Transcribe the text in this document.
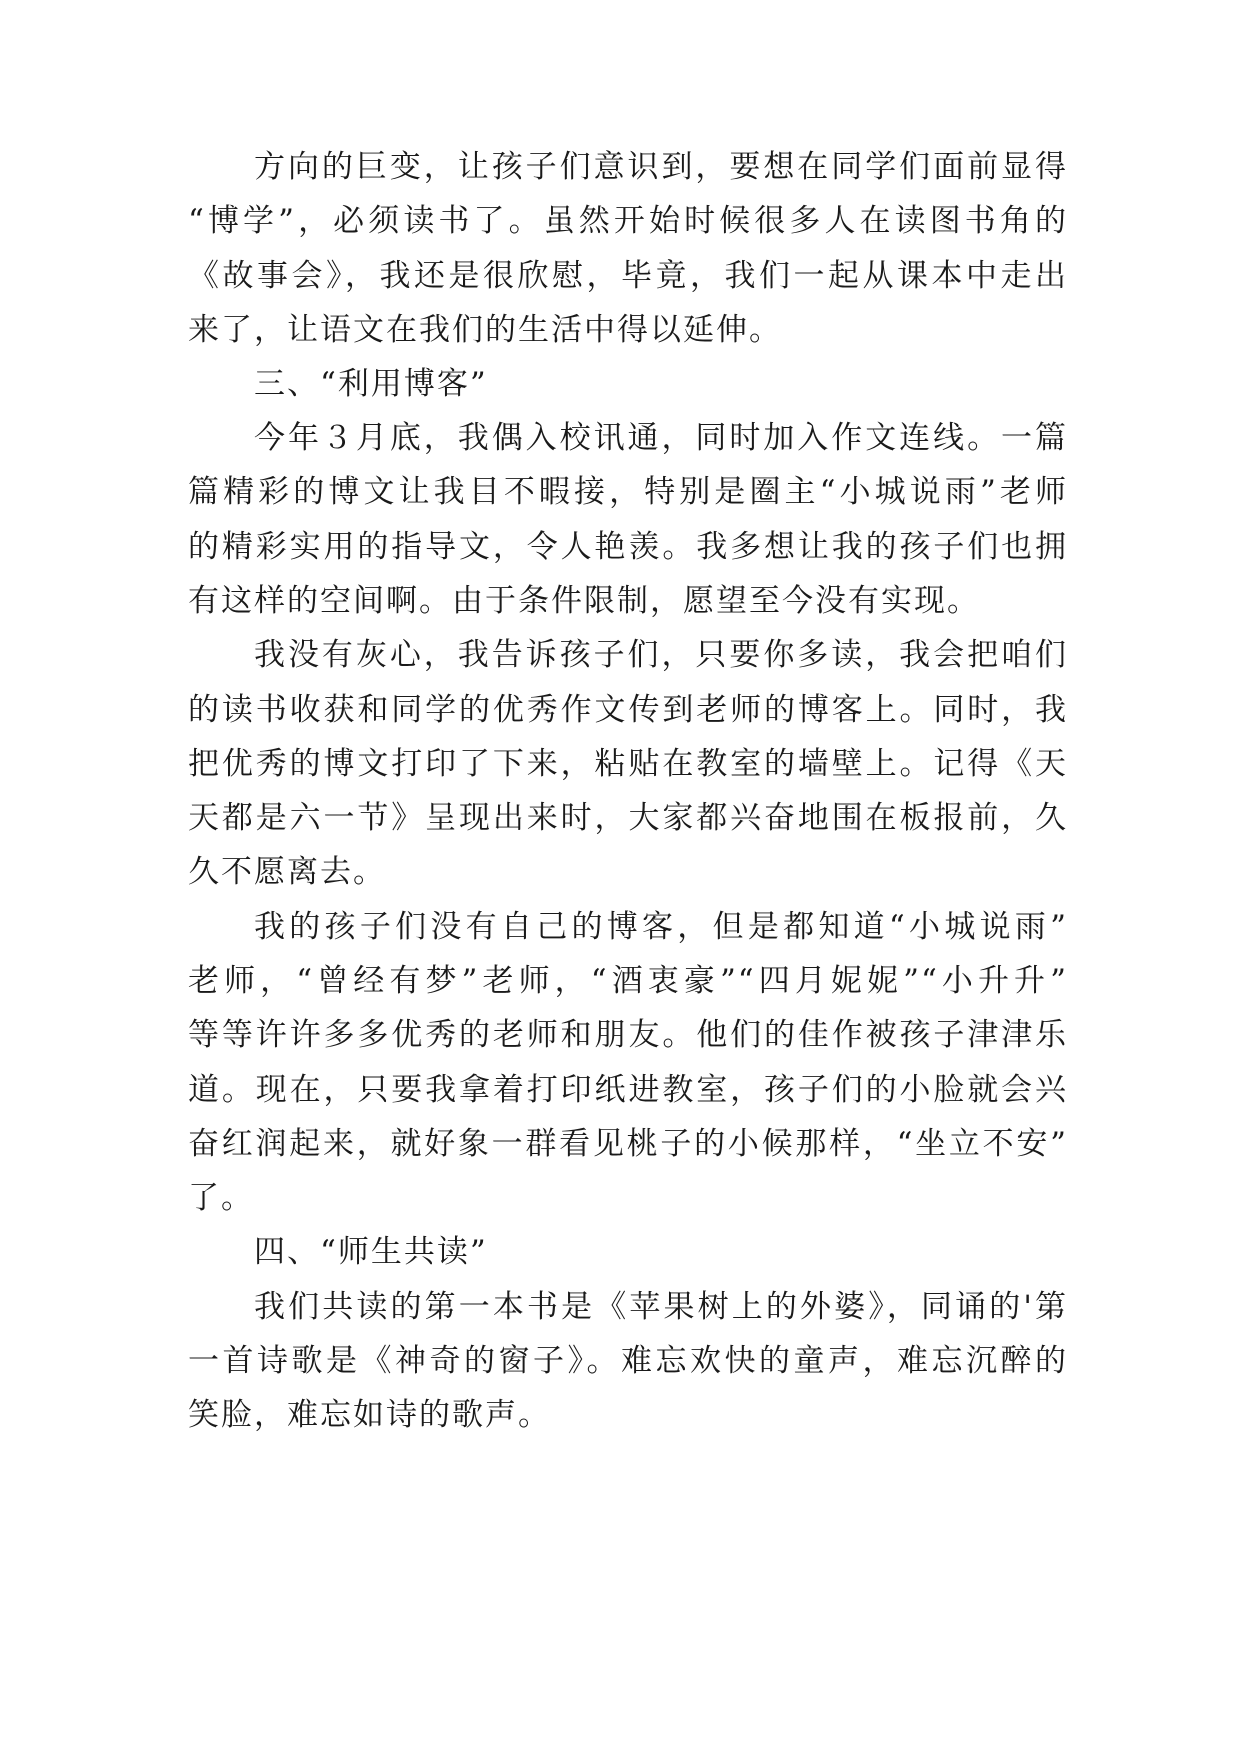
方向的巨变，让孩子们意识到，要想在同学们面前显得
“博学”，必须读书了。虽然开始时候很多人在读图书角的
《故事会》，我还是很欣慰，毕竟，我们一起从课本中走出
来了，让语文在我们的生活中得以延伸。
三、“利用博客”
今年３月底，我偶入校讯通，同时加入作文连线。一篇
篇精彩的博文让我目不暇接，特别是圈主“小城说雨”老师
的精彩实用的指导文，令人艳羡。我多想让我的孩子们也拥
有这样的空间啊。由于条件限制，愿望至今没有实现。
我没有灰心，我告诉孩子们，只要你多读，我会把咱们
的读书收获和同学的优秀作文传到老师的博客上。同时，我
把优秀的博文打印了下来，粘贴在教室的墙壁上。记得《天
天都是六一节》呈现出来时，大家都兴奋地围在板报前，久
久不愿离去。
我的孩子们没有自己的博客，但是都知道“小城说雨”
老师，“曾经有梦”老师，“酒衷豪”“四月妮妮”“小升升”
等等许许多多优秀的老师和朋友。他们的佳作被孩子津津乐
道。现在，只要我拿着打印纸进教室，孩子们的小脸就会兴
奋红润起来，就好象一群看见桃子的小候那样，“坐立不安”
了。
四、“师生共读”
我们共读的第一本书是《苹果树上的外婆》，同诵的'第
一首诗歌是《神奇的窗子》。难忘欢快的童声，难忘沉醉的
笑脸，难忘如诗的歌声。
